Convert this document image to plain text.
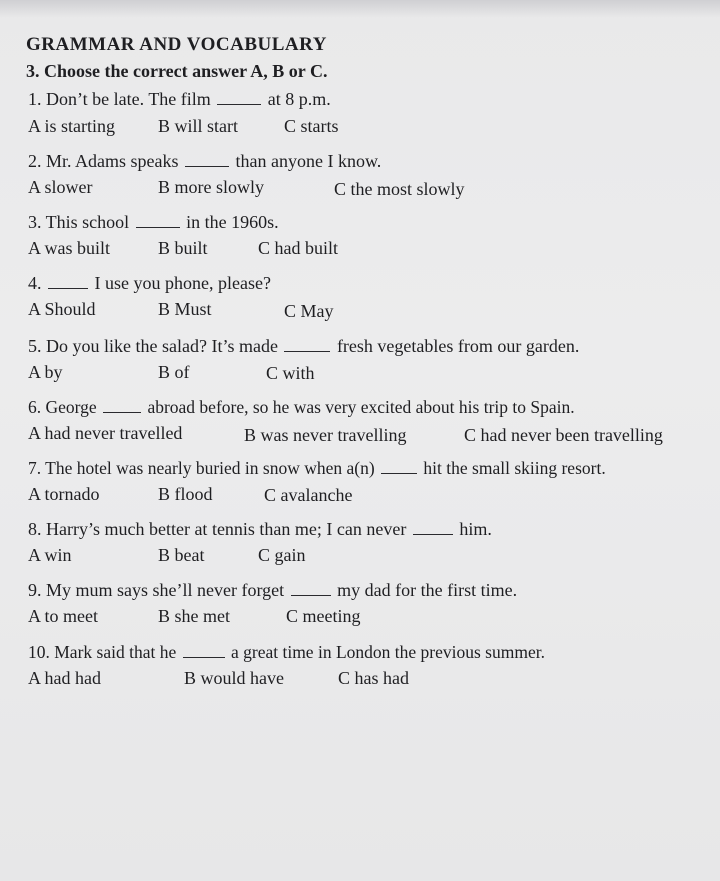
GRAMMAR AND VOCABULARY
3. Choose the correct answer A, B or C.
1. Don’t be late. The film	at 8 p.m.
A is starting B will start	C starts
2. Mr. Adams speaks	than anyone I know.
A slower	B more slowly	C the most slowly
3. This school	in the 1960s.
A was built	B built	C had built
4.	I use you phone, please?
A Should	B Must	C May
5. Do you like the salad? It’s made	fresh vegetables from our garden.
A by	B of	C with
6. George	abroad before, so he was very excited about his trip to Spain.
A had never travelled	B was never travelling	C had never been travelling
7. The hotel was nearly buried in snow when a(n)	hit the small skiing resort.
A tornado	B flood	C avalanche
8. Harry’s much better at tennis than me; I can never	him.
A win	B beat	C gain
9. My mum says she’ll never forget	my dad for the first time.
A to meet	B she met	C meeting
10. Mark said that he	a great time in London the previous summer.
A had had	B would have	C has had
